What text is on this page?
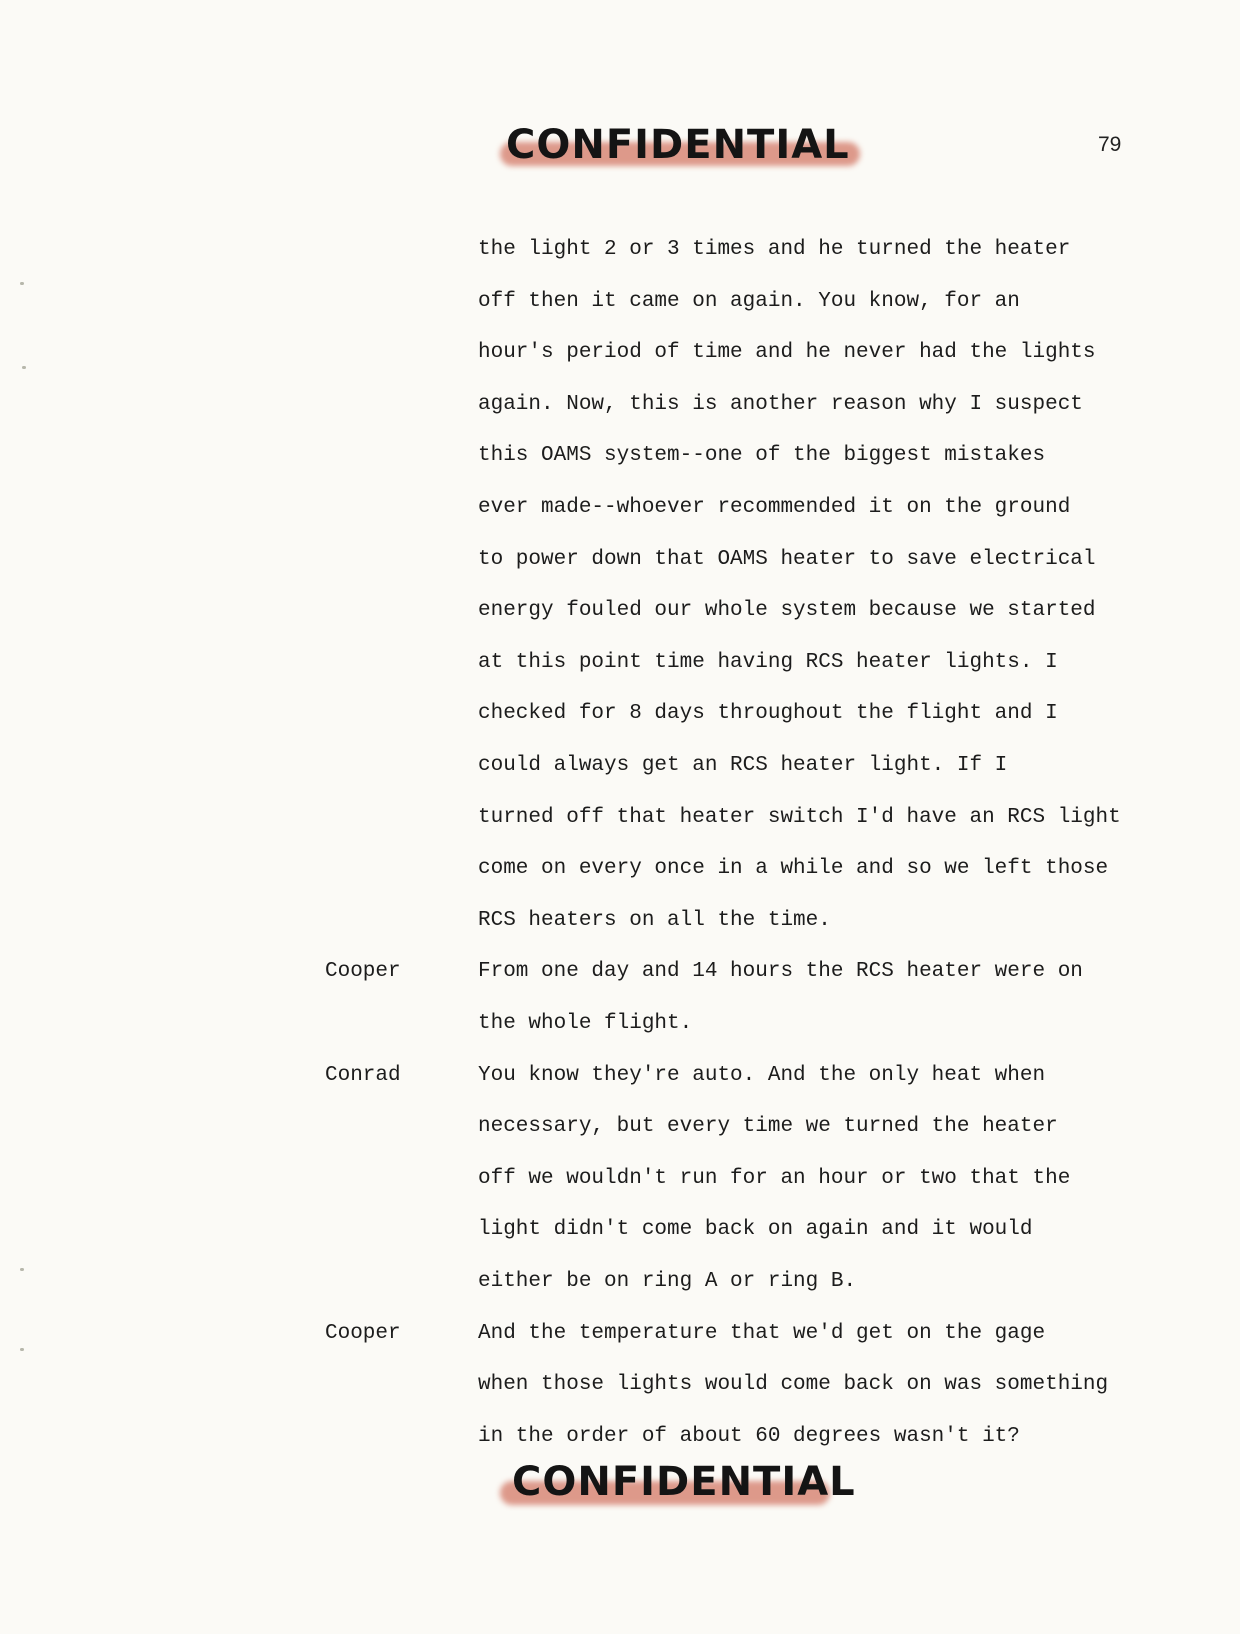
CONFIDENTIAL	79
the light 2 or 3 times and he turned the heater
off then it came on again. You know, for an
hour's period of time and he never had the lights
again. Now, this is another reason why I suspect
this OAMS system--one of the biggest mistakes
ever made--whoever recommended it on the ground
to power down that OAMS heater to save electrical
energy fouled our whole system because we started
at this point time having RCS heater lights. I
checked for 8 days throughout the flight and I
could always get an RCS heater light. If I
turned off that heater switch I'd have an RCS light
come on every once in a while and so we left those
RCS heaters on all the time.
Cooper	From one day and 14 hours the RCS heater were on
the whole flight.
Conrad	You know they're auto. And the only heat when
necessary, but every time we turned the heater
off we wouldn't run for an hour or two that the
light didn't come back on again and it would
either be on ring A or ring B.
Cooper	And the temperature that we'd get on the gage
when those lights would come back on was something
in the order of about 60 degrees wasn't it?
CONFIDENTIAL
